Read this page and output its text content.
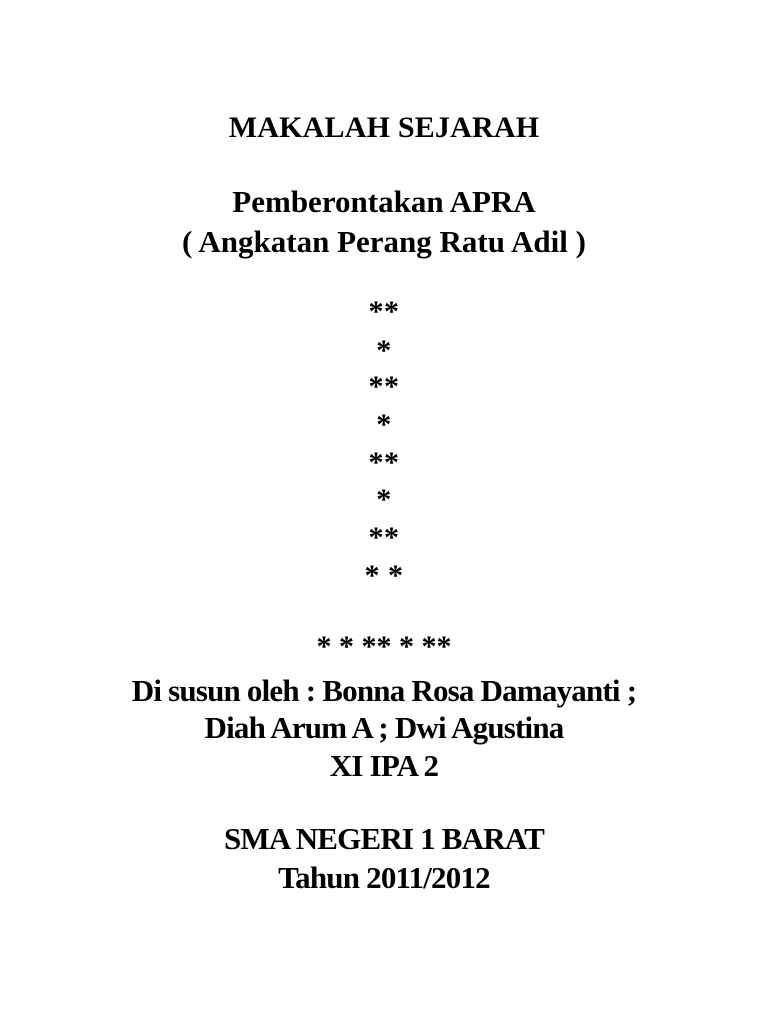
MAKALAH SEJARAH
Pemberontakan APRA
( Angkatan Perang Ratu Adil )
**
*
**
*
**
*
**
* *
* * ** * **
Di susun oleh : Bonna Rosa Damayanti ;
Diah Arum A ; Dwi Agustina
XI IPA 2
SMA NEGERI 1 BARAT
Tahun 2011/2012
